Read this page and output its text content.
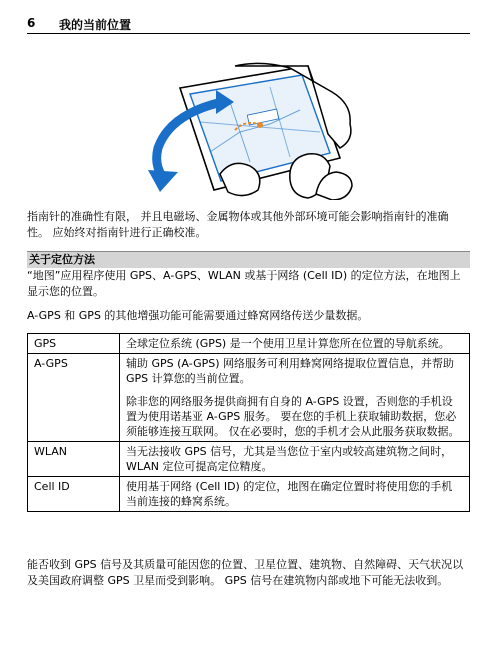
6 我的当前位置
指南针的准确性有限， 并且电磁场、金属物体或其他外部环境可能会影响指南针的准确性。 应始终对指南针进行正确校准。
关于定位方法
“地图”应用程序使用 GPS、A-GPS、WLAN 或基于网络 (Cell ID) 的定位方法，在地图上显示您的位置。
A-GPS 和 GPS 的其他增强功能可能需要通过蜂窝网络传送少量数据。
GPS	全球定位系统 (GPS) 是一个使用卫星计算您所在位置的导航系统。
A-GPS	辅助 GPS (A-GPS) 网络服务可利用蜂窝网络提取位置信息，并帮助 GPS 计算您的当前位置。
除非您的网络服务提供商拥有自身的 A-GPS 设置，否则您的手机设置为使用诺基亚 A-GPS 服务。 要在您的手机上获取辅助数据，您必须能够连接互联网。 仅在必要时，您的手机才会从此服务获取数据。

WLAN	当无法接收 GPS 信号，尤其是当您位于室内或较高建筑物之间时，WLAN 定位可提高定位精度。
Cell ID	使用基于网络 (Cell ID) 的定位，地图在确定位置时将使用您的手机当前连接的蜂窝系统。
能否收到 GPS 信号及其质量可能因您的位置、卫星位置、建筑物、自然障碍、天气状况以及美国政府调整 GPS 卫星而受到影响。 GPS 信号在建筑物内部或地下可能无法收到。
